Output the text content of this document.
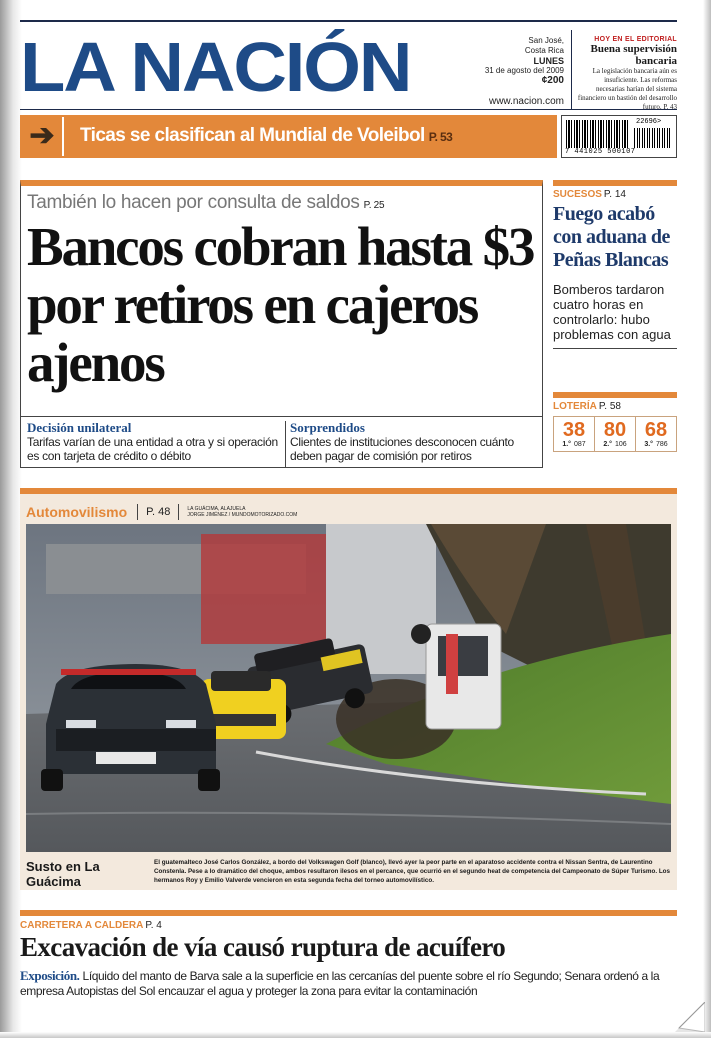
LA NACIÓN	San José,
Costa Rica
LUNES
31 de agosto del 2009
¢200
www.nacion.com
HOY EN EL EDITORIAL
Buena supervisión bancaria
La legislación bancaria aún es insuficiente. Las reformas necesarias harían del sistema financiero un bastión del desarrollo futuro. P. 43
➔	Ticas se clasifican al Mundial de Voleibol P. 53
22696>
7 441025 500107
También lo hacen por consulta de saldos P. 25
Bancos cobran hasta $3 por retiros en cajeros ajenos
Decisión unilateral
Tarifas varían de una entidad a otra y si operación es con tarjeta de crédito o débito
Sorprendidos
Clientes de instituciones desconocen cuánto deben pagar de comisión por retiros
SUCESOS P. 14
Fuego acabó con aduana de Peñas Blancas
Bomberos tardaron cuatro horas en controlarlo: hubo problemas con agua
LOTERÍA P. 58
38
1.° 087
80
2.° 106
68
3.° 786
Automovilismo P. 48	LA GUÁCIMA, ALAJUELA
JORGE JIMÉNEZ / MUNDOMOTORIZADO.COM
Susto en La Guácima
El guatemalteco José Carlos González, a bordo del Volkswagen Golf (blanco), llevó ayer la peor parte en el aparatoso accidente contra el Nissan Sentra, de Laurentino Constenla. Pese a lo dramático del choque, ambos resultaron ilesos en el percance, que ocurrió en el segundo heat de competencia del Campeonato de Súper Turismo. Los hermanos Roy y Emilio Valverde vencieron en esta segunda fecha del torneo automovilístico.
CARRETERA A CALDERA P. 4
Excavación de vía causó ruptura de acuífero
Exposición. Líquido del manto de Barva sale a la superficie en las cercanías del puente sobre el río Segundo; Senara ordenó a la empresa Autopistas del Sol encauzar el agua y proteger la zona para evitar la contaminación
